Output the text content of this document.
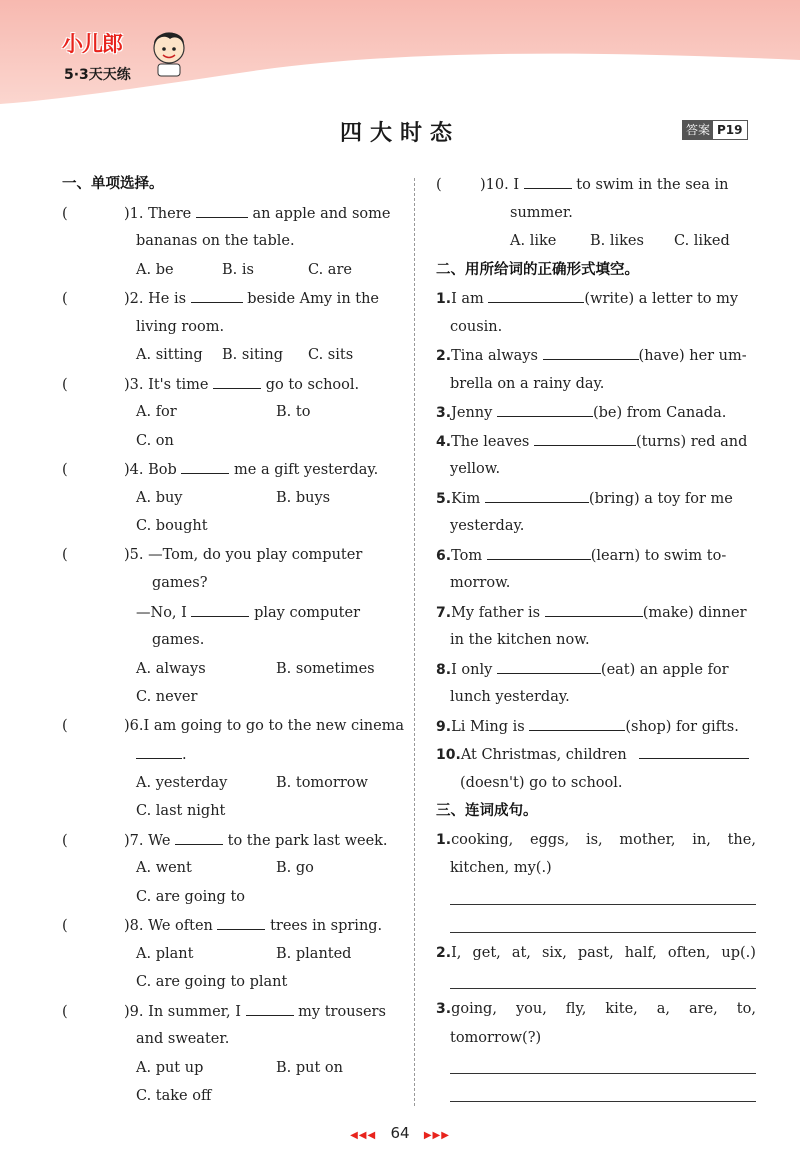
小儿郎
5·3天天练
四大时态	答案 P19
一、单项选择。
(	)1. There	an apple and some
bananas on the table.
A. be	B. is	C. are
(	)2. He is	beside Amy in the
living room.
A. sitting B. siting C. sits
(	)3. It's time	go to school.
A. for	B. to
C. on
(	)4. Bob	me a gift yesterday.
A. buy	B. buys
C. bought
(	)5. —Tom, do you play computer
games?
—No, I	play computer
games.
A. always	B. sometimes
C. never
(	)6.I am going to go to the new cinema
.
A. yesterday	B. tomorrow
C. last night
(	)7. We	to the park last week.
A. went	B. go
C. are going to
(	)8. We often	trees in spring.
A. plant	B. planted
C. are going to plant
(	)9. In summer, I	my trousers
and sweater.
A. put up	B. put on
C. take off
(	)10. I	to swim in the sea in
summer.
A. like B. likes C. liked
二、用所给词的正确形式填空。
1.I am	(write) a letter to my
cousin.
2.Tina always	(have) her um-
brella on a rainy day.
3.Jenny	(be) from Canada.
4.The leaves	(turns) red and
yellow.
5.Kim	(bring) a toy for me
yesterday.
6.Tom	(learn) to swim to-
morrow.
7.My father is	(make) dinner
in the kitchen now.
8.I only	(eat) an apple for
lunch yesterday.
9.Li Ming is	(shop) for gifts.
10.At Christmas, children
(doesn't) go to school.
三、连词成句。
1.cooking, eggs, is, mother, in, the,
kitchen, my(.)
2.I, get, at, six, past, half, often, up(.)
3.going, you, fly, kite, a, are, to,
tomorrow(?)
◀◀◀ 64 ▶▶▶
